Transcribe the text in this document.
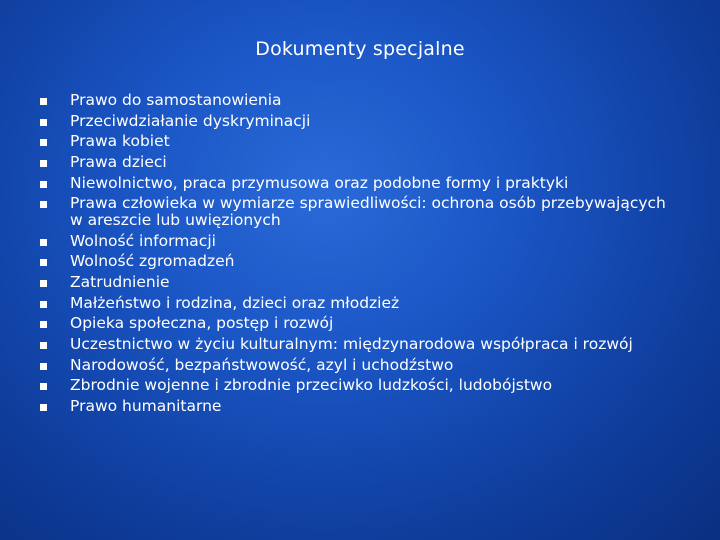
Dokumenty specjalne
Prawo do samostanowienia
Przeciwdziałanie dyskryminacji
Prawa kobiet
Prawa dzieci
Niewolnictwo, praca przymusowa oraz podobne formy i praktyki
Prawa człowieka w wymiarze sprawiedliwości: ochrona osób przebywających w areszcie lub uwięzionych
Wolność informacji
Wolność zgromadzeń
Zatrudnienie
Małżeństwo i rodzina, dzieci oraz młodzież
Opieka społeczna, postęp i rozwój
Uczestnictwo w życiu kulturalnym: międzynarodowa współpraca i rozwój
Narodowość, bezpaństwowość, azyl i uchodźstwo
Zbrodnie wojenne i zbrodnie przeciwko ludzkości, ludobójstwo
Prawo humanitarne
